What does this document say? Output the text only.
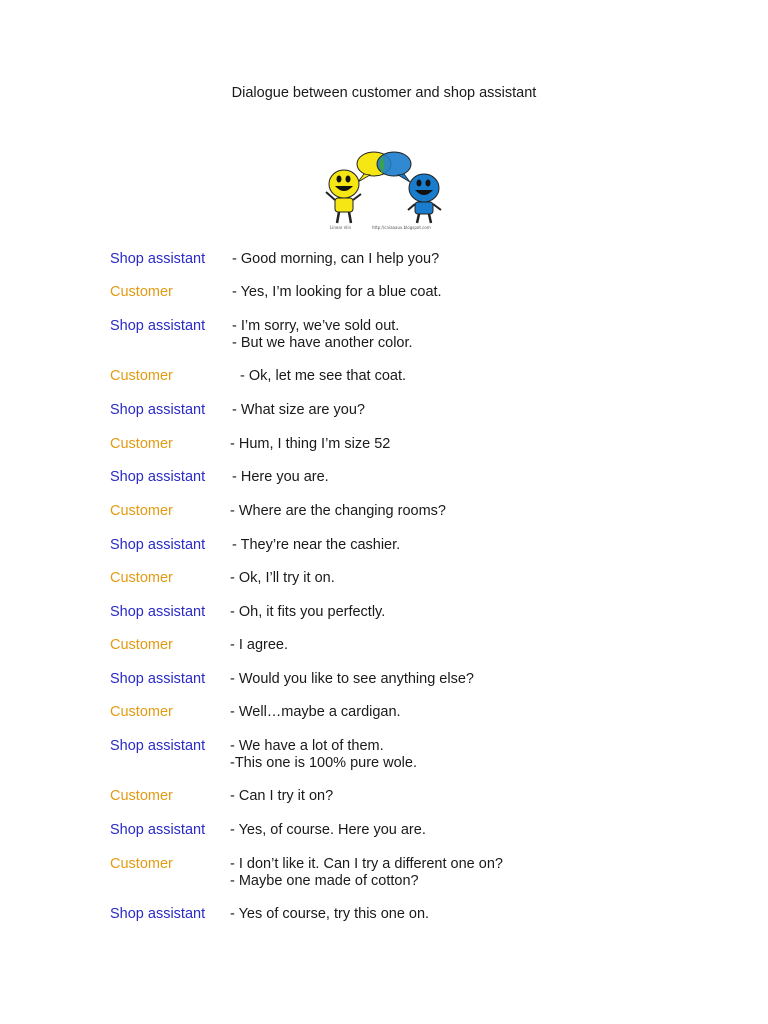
Dialogue between customer and shop assistant
Linear nlin	http://cniaaaux.blogspot.com
Shop assistant - Good morning, can I help you?
Customer	- Yes, I’m looking for a blue coat.
Shop assistant - I’m sorry, we’ve sold out.
- But we have another color.
Customer	- Ok, let me see that coat.
Shop assistant - What size are you?
Customer	- Hum, I thing I’m size 52
Shop assistant - Here you are.
Customer	- Where are the changing rooms?
Shop assistant - They’re near the cashier.
Customer	- Ok, I’ll try it on.
Shop assistant - Oh, it fits you perfectly.
Customer	- I agree.
Shop assistant - Would you like to see anything else?
Customer	- Well…maybe a cardigan.
Shop assistant - We have a lot of them.
-This one is 100% pure wole.
Customer	- Can I try it on?
Shop assistant - Yes, of course. Here you are.
Customer	- I don’t like it. Can I try a different one on?
- Maybe one made of cotton?
Shop assistant - Yes of course, try this one on.
